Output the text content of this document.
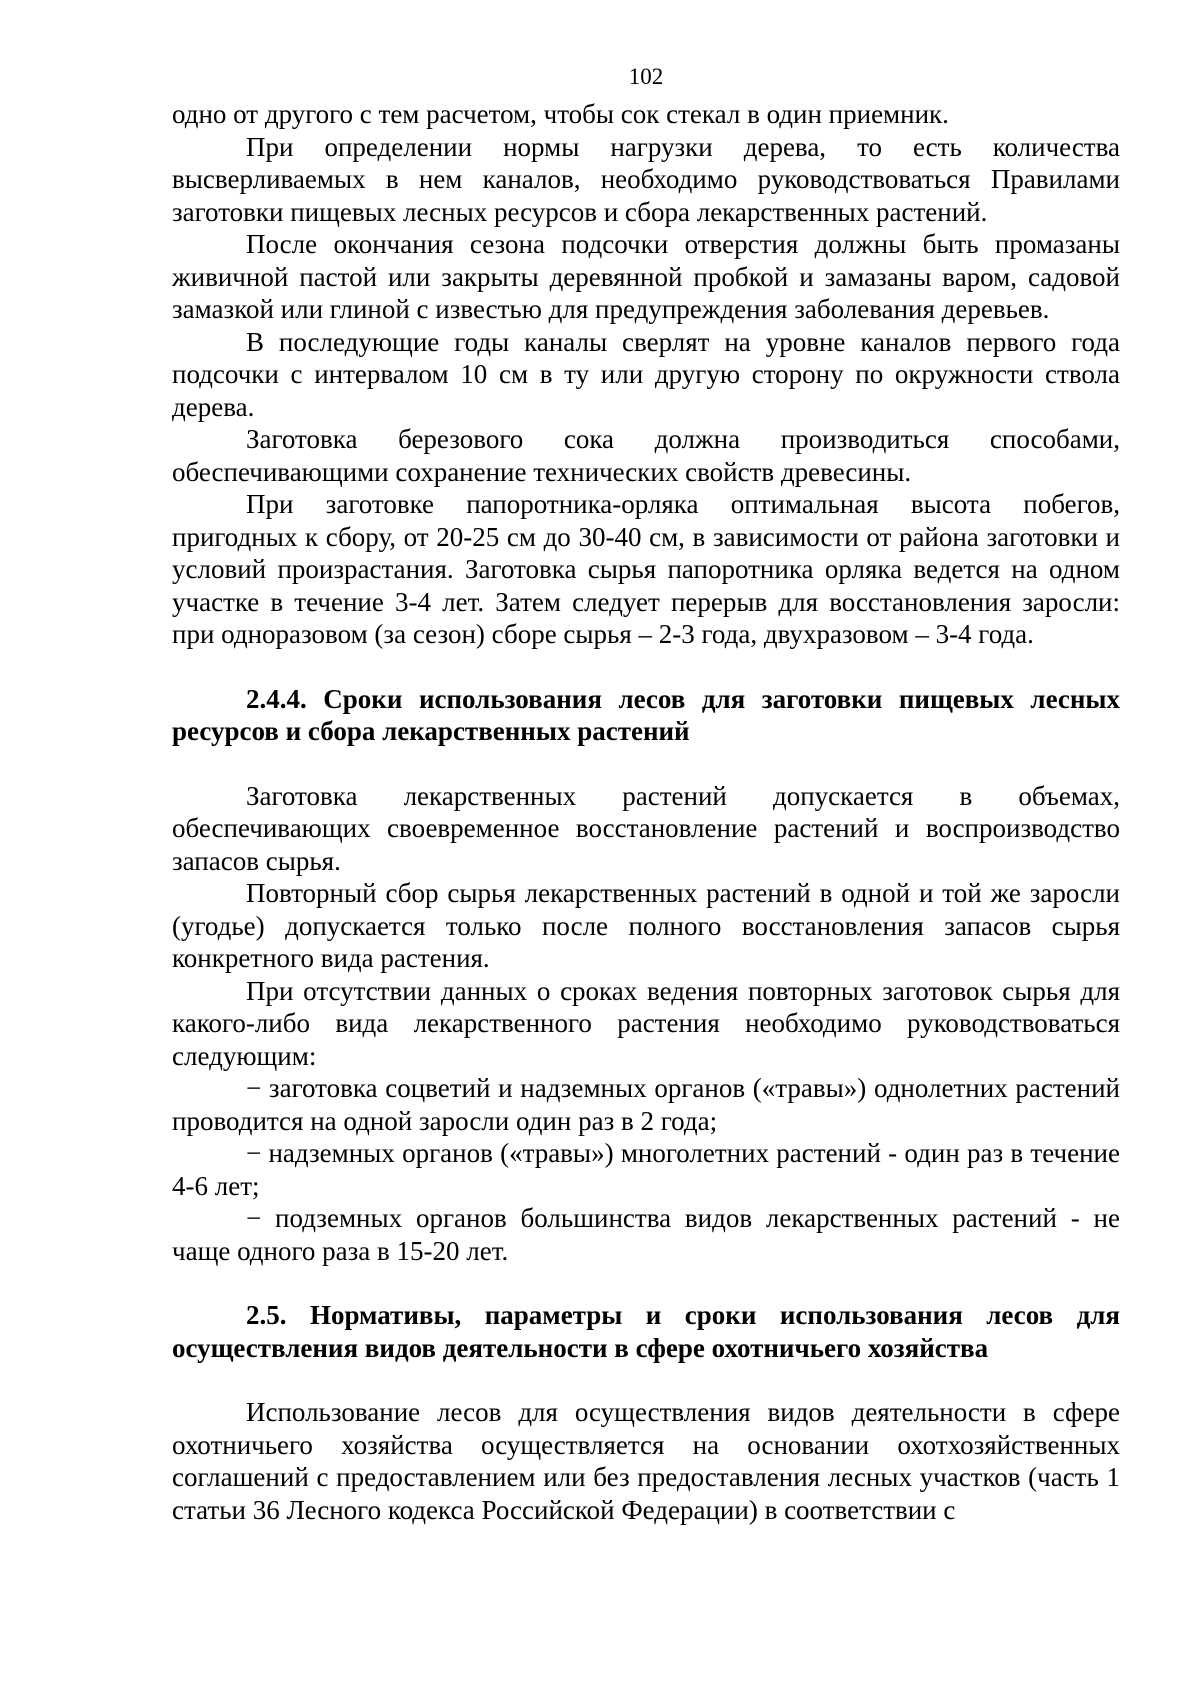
102

одно от другого с тем расчетом, чтобы сок стекал в один приемник.

При определении нормы нагрузки дерева, то есть количества высверливаемых в нем каналов, необходимо руководствоваться Правилами заготовки пищевых лесных ресурсов и сбора лекарственных растений.

После окончания сезона подсочки отверстия должны быть промазаны живичной пастой или закрыты деревянной пробкой и замазаны варом, садовой замазкой или глиной с известью для предупреждения заболевания деревьев.

В последующие годы каналы сверлят на уровне каналов первого года подсочки с интервалом 10 см в ту или другую сторону по окружности ствола дерева.

Заготовка березового сока должна производиться способами, обеспечивающими сохранение технических свойств древесины.

При заготовке папоротника-орляка оптимальная высота побегов, пригодных к сбору, от 20-25 см до 30-40 см, в зависимости от района заготовки и условий произрастания. Заготовка сырья папоротника орляка ведется на одном участке в течение 3-4 лет. Затем следует перерыв для восстановления заросли: при одноразовом (за сезон) сборе сырья – 2-3 года, двухразовом – 3-4 года.

2.4.4. Сроки использования лесов для заготовки пищевых лесных ресурсов и сбора лекарственных растений

Заготовка лекарственных растений допускается в объемах, обеспечивающих своевременное восстановление растений и воспроизводство запасов сырья.

Повторный сбор сырья лекарственных растений в одной и той же заросли (угодье) допускается только после полного восстановления запасов сырья конкретного вида растения.

При отсутствии данных о сроках ведения повторных заготовок сырья для какого-либо вида лекарственного растения необходимо руководствоваться следующим:

− заготовка соцветий и надземных органов («травы») однолетних растений проводится на одной заросли один раз в 2 года;

− надземных органов («травы») многолетних растений - один раз в течение 4-6 лет;

− подземных органов большинства видов лекарственных растений - не чаще одного раза в 15-20 лет.

2.5. Нормативы, параметры и сроки использования лесов для осуществления видов деятельности в сфере охотничьего хозяйства

Использование лесов для осуществления видов деятельности в сфере охотничьего хозяйства осуществляется на основании охотхозяйственных соглашений с предоставлением или без предоставления лесных участков (часть 1 статьи 36 Лесного кодекса Российской Федерации) в соответствии с
